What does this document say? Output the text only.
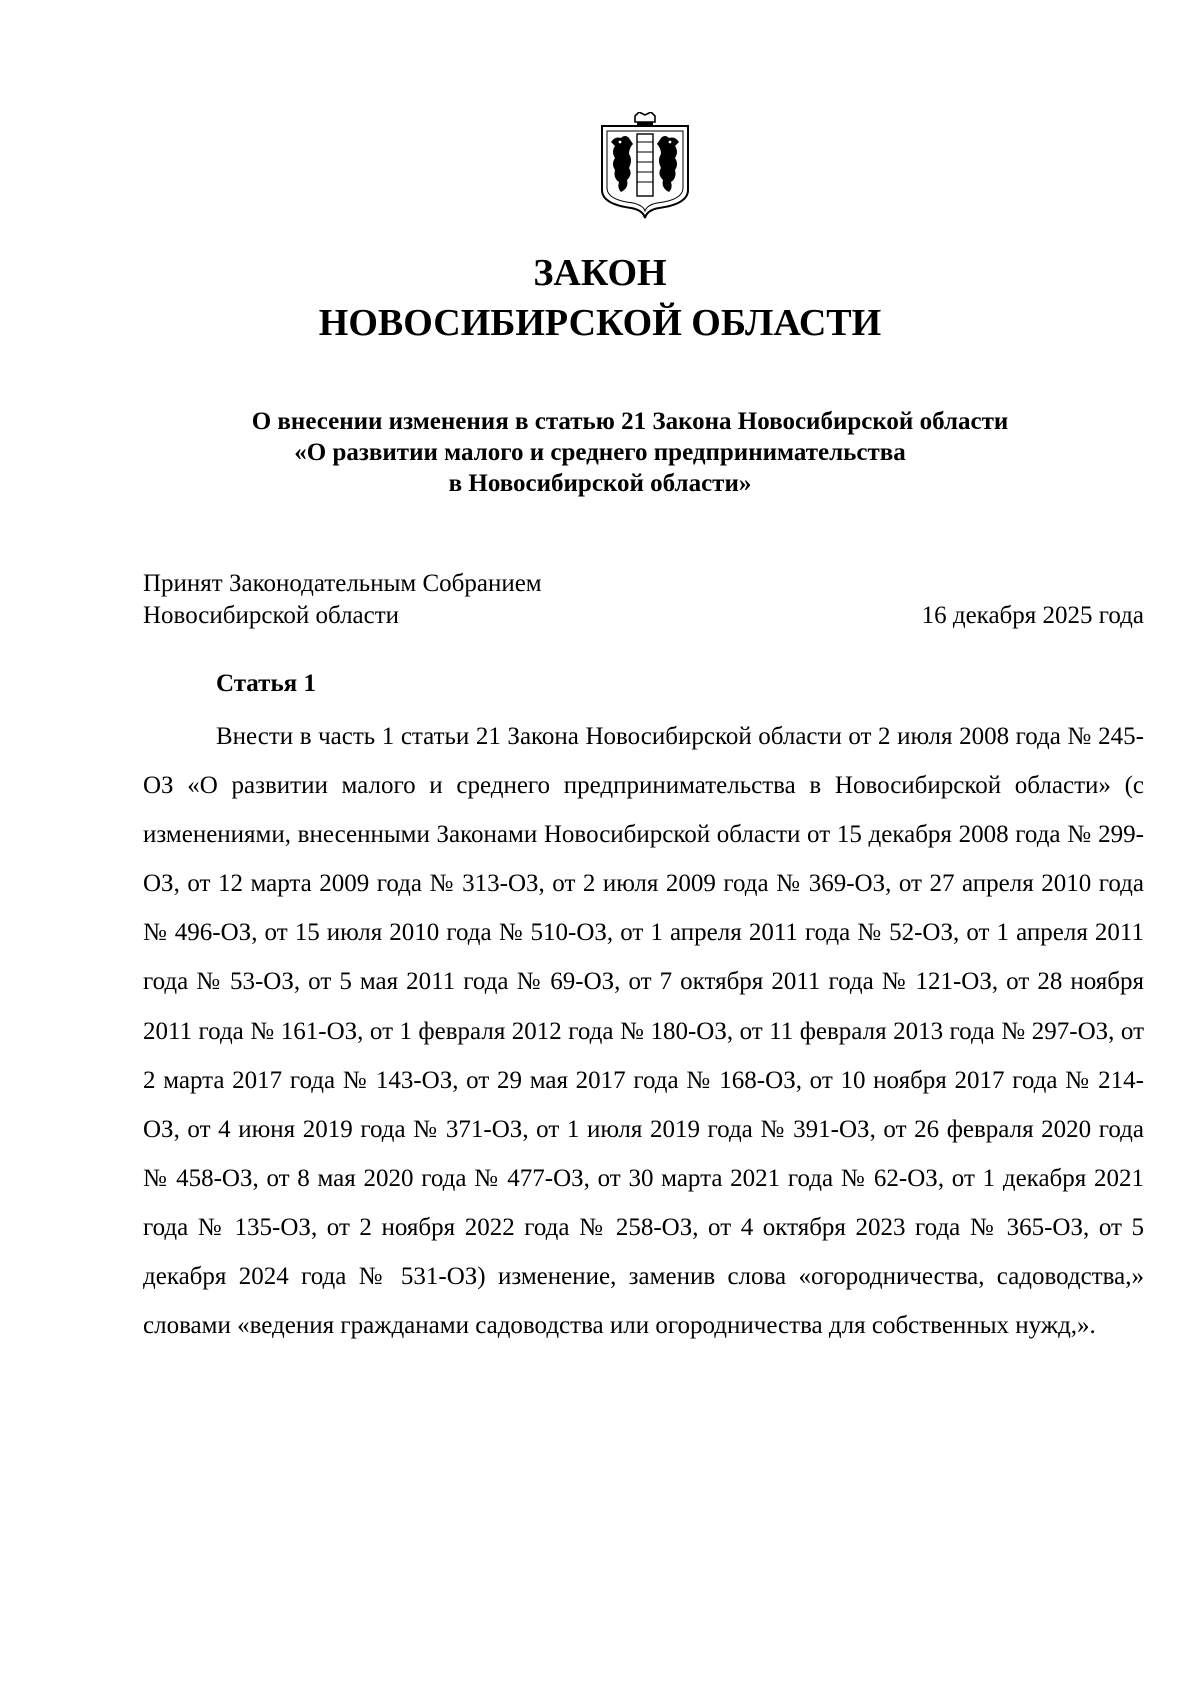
ЗАКОН
НОВОСИБИРСКОЙ ОБЛАСТИ
О внесении изменения в статью 21 Закона Новосибирской области
«О развитии малого и среднего предпринимательства
в Новосибирской области»
Принят Законодательным Собранием
Новосибирской области	16 декабря 2025 года
Статья 1

Внести в часть 1 статьи 21 Закона Новосибирской области от 2 июля 2008 года № 245-ОЗ «О развитии малого и среднего предпринимательства в Новосибирской области» (с изменениями, внесенными Законами Новосибирской области от 15 декабря 2008 года № 299-ОЗ, от 12 марта 2009 года № 313-ОЗ, от 2 июля 2009 года № 369-ОЗ, от 27 апреля 2010 года № 496-ОЗ, от 15 июля 2010 года № 510-ОЗ, от 1 апреля 2011 года № 52-ОЗ, от 1 апреля 2011 года № 53-ОЗ, от 5 мая 2011 года № 69-ОЗ, от 7 октября 2011 года № 121-ОЗ, от 28 ноября 2011 года № 161-ОЗ, от 1 февраля 2012 года № 180-ОЗ, от 11 февраля 2013 года № 297-ОЗ, от 2 марта 2017 года № 143-ОЗ, от 29 мая 2017 года № 168-ОЗ, от 10 ноября 2017 года № 214-ОЗ, от 4 июня 2019 года № 371-ОЗ, от 1 июля 2019 года № 391-ОЗ, от 26 февраля 2020 года № 458-ОЗ, от 8 мая 2020 года № 477-ОЗ, от 30 марта 2021 года № 62-ОЗ, от 1 декабря 2021 года № 135-ОЗ, от 2 ноября 2022 года № 258-ОЗ, от 4 октября 2023 года № 365-ОЗ, от 5 декабря 2024 года № 531-ОЗ) изменение, заменив слова «огородничества, садоводства,» словами «ведения гражданами садоводства или огородничества для собственных нужд,».
